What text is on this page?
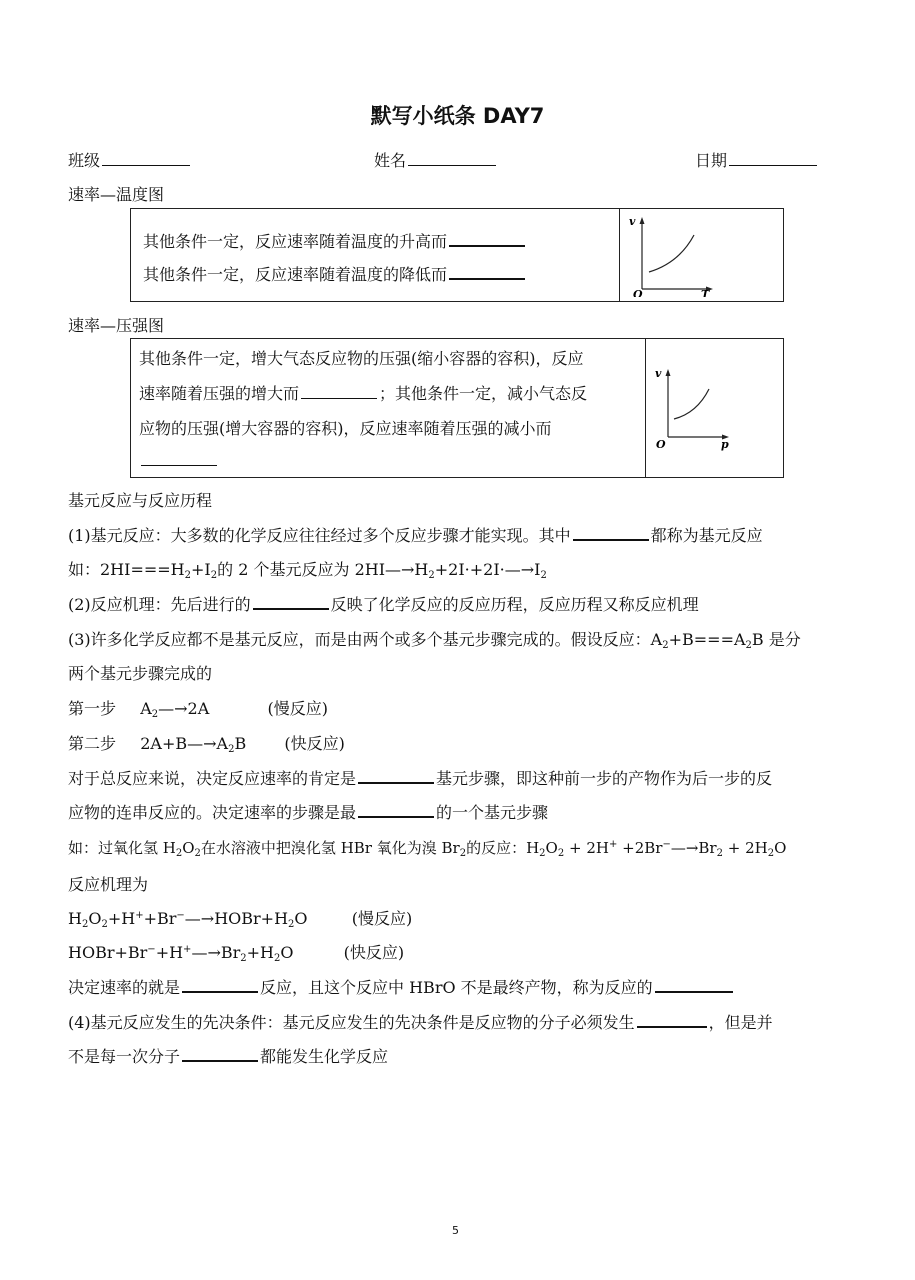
默写小纸条 DAY7
班级	姓名	日期
速率—温度图
其他条件一定，反应速率随着温度的升高而
其他条件一定，反应速率随着温度的降低而
v
O	T
速率—压强图
其他条件一定，增大气态反应物的压强(缩小容器的容积)，反应
速率随着压强的增大而	；其他条件一定，减小气态反
应物的压强(增大容器的容积)，反应速率随着压强的减小而
v
O	p
基元反应与反应历程
(1)基元反应：大多数的化学反应往往经过多个反应步骤才能实现。其中	都称为基元反应
如：$2HI===H_2+I_2$的 2 个基元反应为 $2HI—\to H_2+2I\cdot+2I\cdot—\to I_2$
(2)反应机理：先后进行的	反映了化学反应的反应历程，反应历程又称反应机理
(3)许多化学反应都不是基元反应，而是由两个或多个基元步骤完成的。假设反应：$A_2+B===A_2B$ 是分
两个基元步骤完成的
第一步 $A_2—\to 2A$	(慢反应)
第二步 $2A+B—\to A_2B$ (快反应)
对于总反应来说，决定反应速率的肯定是	基元步骤，即这种前一步的产物作为后一步的反
应物的连串反应的。决定速率的步骤是最	的一个基元步骤
如：过氧化氢 $H_2O_2$在水溶液中把溴化氢 HBr 氧化为溴 $Br_2$的反应：$H_2O_2 + 2H^+$ $+2Br^-—\to Br_2 + 2H_2O$
反应机理为
$H_2O_2+H^++Br^-—\to HOBr+H_2O$	(慢反应)
$HOBr+Br^-+H^+—\to Br_2+H_2O$	(快反应)
决定速率的就是	反应，且这个反应中 HBrO 不是最终产物，称为反应的
(4)基元反应发生的先决条件：基元反应发生的先决条件是反应物的分子必须发生	，但是并
不是每一次分子	都能发生化学反应
5
